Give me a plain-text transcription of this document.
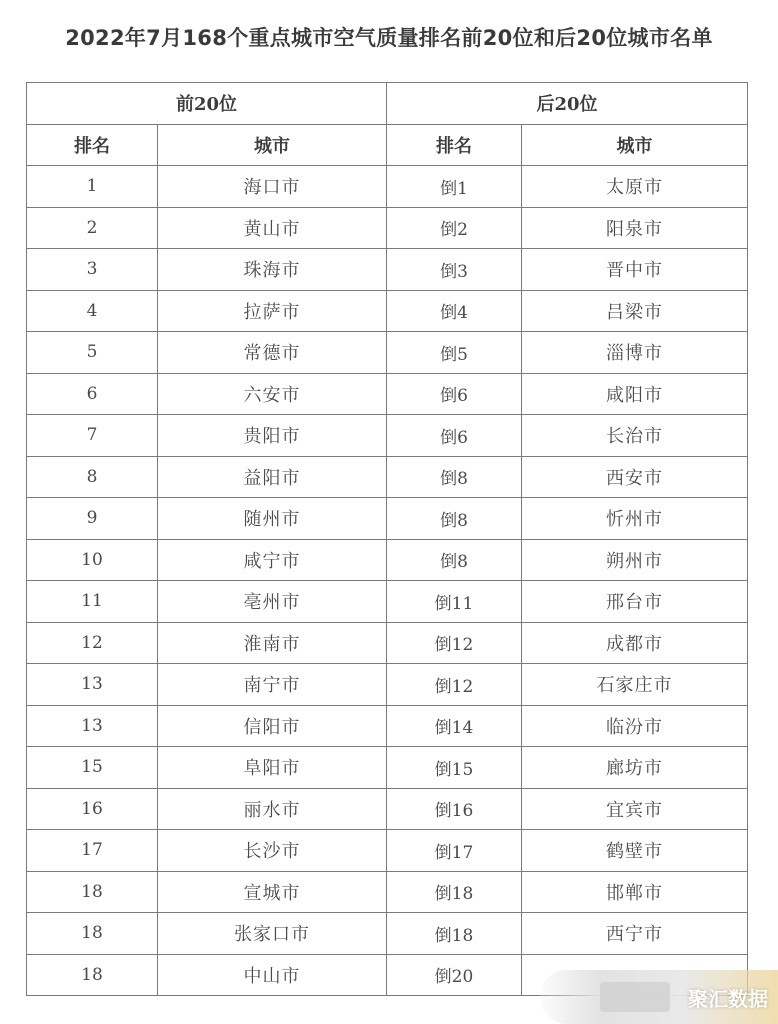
2022年7月168个重点城市空气质量排名前20位和后20位城市名单
前20位		后20位	
排名	城市	排名	城市
1	海口市	倒1	太原市
2	黄山市	倒2	阳泉市
3	珠海市	倒3	晋中市
4	拉萨市	倒4	吕梁市
5	常德市	倒5	淄博市
6	六安市	倒6	咸阳市
7	贵阳市	倒6	长治市
8	益阳市	倒8	西安市
9	随州市	倒8	忻州市
10	咸宁市	倒8	朔州市
11	亳州市	倒11	邢台市
12	淮南市	倒12	成都市
13	南宁市	倒12	石家庄市
13	信阳市	倒14	临汾市
15	阜阳市	倒15	廊坊市
16	丽水市	倒16	宜宾市
17	长沙市	倒17	鹤壁市
18	宣城市	倒18	邯郸市
18	张家口市	倒18	西宁市
18	中山市	倒20	
聚汇数据
